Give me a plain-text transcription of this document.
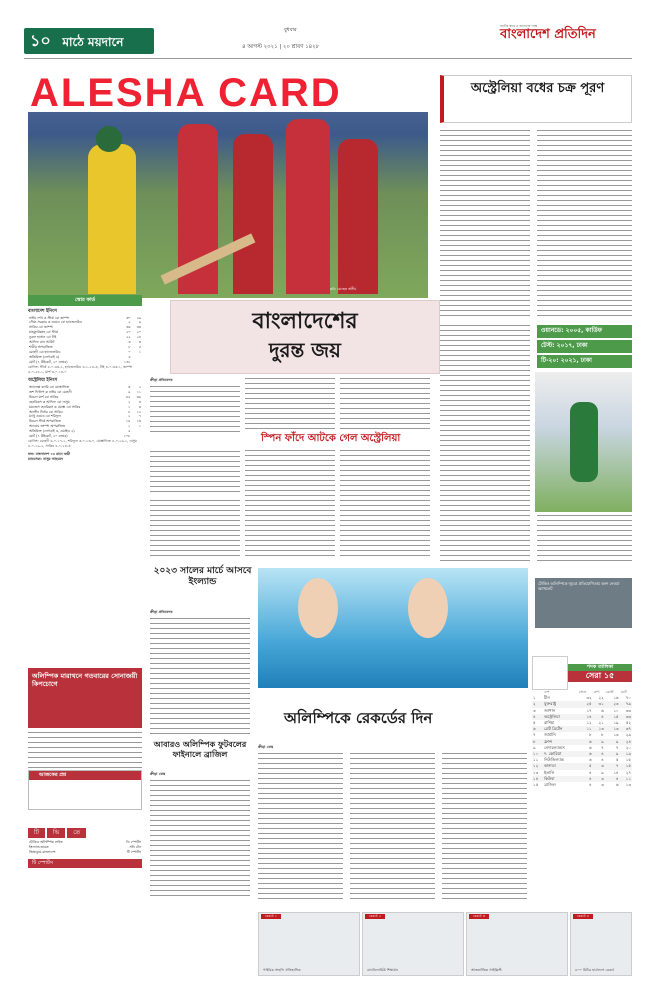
১০ মাঠে ময়দানে
বুধবার
৪ আগস্ট ২০২১ | ২০ শ্রাবণ ১৪২৮
জাতীয় স্বার্থে ও জনগণের পক্ষে
বাংলাদেশ প্রতিদিন
ALESHA CARD
ছবি: রোহেত অসীম
স্কোর কার্ড
বাংলাদেশ ইনিংস
নাঈম শেখ ক স্টার্ক বো জাম্পা	৩০	২৯
সৌম্য সরকার ক ওয়েড বো হ্যাজেলউড	২	৬
সাকিব বো জাম্পা	৩৬	৩৩
মাহমুদউল্লাহ বো স্টার্ক	২০	২০
নুরুল হাসান বো টাই	২২	২৪
আফিফ রান আউট	৩	৩
শামীম অপরাজিত	৮	৫
মেহেদী বো হ্যাজেলউড	০	১
অতিরিক্ত (লেগবাই ৪)	৪	
মোট (৭ উইকেট, ২০ ওভার)	১৩১	
বোলিং: স্টার্ক ৪-০-৩৩-২, হ্যাজেলউড ৪-১-২৪-৩, টাই ৪-০-৩৩-১, জাম্পা ৪-০-২৪-১, মার্শ ৩-০-১৪-০
অস্ট্রেলিয়া ইনিংস
অ্যালেক্স ক্যারি বো মোস্তাফিজ	৩	২
জশ ফিলিপ ক নাঈম বো মেহেদী	৯	১১
মিচেল মার্শ বো সাকিব	৪৫	৩৬
হেনরিকস ক আফিফ বো নাসুম	২	৩
ময়জেস হেনরিকস ক মোস্তা বো সাকিব	১	৩
অ্যাস্টন টার্নার বো সাকিব	৮	১২
ম্যাথু ওয়েড বো শরিফুল	২	৭
মিচেল স্টার্ক অপরাজিত	১৪	১৩
অ্যাডাম জাম্পা অপরাজিত	১	১
অতিরিক্ত (লেগবাই ৩, ওয়াইড ২)	৫	
মোট (৭ উইকেট, ২০ ওভার)	১০৮	
বোলিং: মেহেদী ৪-০-১৭-১, শরিফুল ৩-০-১৩-০, মোস্তাফিজ ৪-০-১৬-১, নাসুম ৪-০-১৯-২, সাকিব ৪-০-২৪-৩
ফল: বাংলাদেশ ২৩ রানে জয়ী
ম্যাচসেরা: নাসুম আহমেদ
বাংলাদেশের
দুরন্ত জয়
ক্রীড়া প্রতিবেদক
স্পিন ফাঁদে আটকে গেল অস্ট্রেলিয়া
অস্ট্রেলিয়া বধের চক্র পূরণ
ওয়ানডে: ২০০৫, কার্ডিফ
টেস্ট: ২০১৭, ঢাকা
টি-২০: ২০২১, ঢাকা
২০২৩ সালের মার্চে আসবে ইংল্যান্ড
ক্রীড়া প্রতিবেদক
টোকিও অলিম্পিকে জুডো প্রতিযোগিতায় অংশ নেওয়া অ্যাথলেট
অলিম্পিকে রেকর্ডের দিন
ক্রীড়া ডেস্ক
আবারও অলিম্পিক ফুটবলের ফাইনালে ব্রাজিল
ক্রীড়া ডেস্ক
অলিম্পিক মারাথনে গতবারের সোনাজয়ী কিপচোগে
আজকের প্রশ্ন
টি	ভি	তে
টোকিও অলিম্পিক লাইভ	ডি স্পোর্টস
ইংল্যান্ড-ভারত	সনি টেন
জিম্বাবুয়ে-বাংলাদেশ	টি স্পোর্টস
টি স্পোর্টস
পদক তালিকা
সেরা ১৫
	দেশ	সোনা	রুপা	ব্রোঞ্জ	মোট
১	চীন	৩২	২২	১৬	৭০
২	যুক্তরাষ্ট্র	২৫	৩১	২৩	৭৯
৩	জাপান	১৭	৬	১০	৩৩
৪	অস্ট্রেলিয়া	১৪	৪	১৫	৩৩
৫	রাশিয়া	১২	২১	১৯	৫২
৬	গ্রেট ব্রিটেন	১১	১৩	১৩	৩৭
৭	জার্মানি	৮	৮	১৩	২৯
৮	ফ্রান্স	৬	৯	৯	২৪
৯	নেদারল্যান্ডস	৬	৭	৭	২০
১০	দ. কোরিয়া	৬	৪	৯	১৯
১১	নিউজিল্যান্ড	৬	৪	৫	১৫
১২	কানাডা	৫	৩	৭	১৫
১৩	ইতালি	৪	৯	১৪	২৭
১৪	কিউবা	৪	৩	৪	১১
১৫	ব্রাজিল	৪	৩	৬	১৩
রেকর্ড ১
পাইরিক সাহলি ঐতিহাসিক
রেকর্ড ২
বার্থোলোমিউ শিম্বার্কন
রেকর্ড ৩
আন্তর্জাতিক সাইক্লিস্ট
রেকর্ড ৪
৪০০ মিটার হার্ডলসে রেকর্ড
